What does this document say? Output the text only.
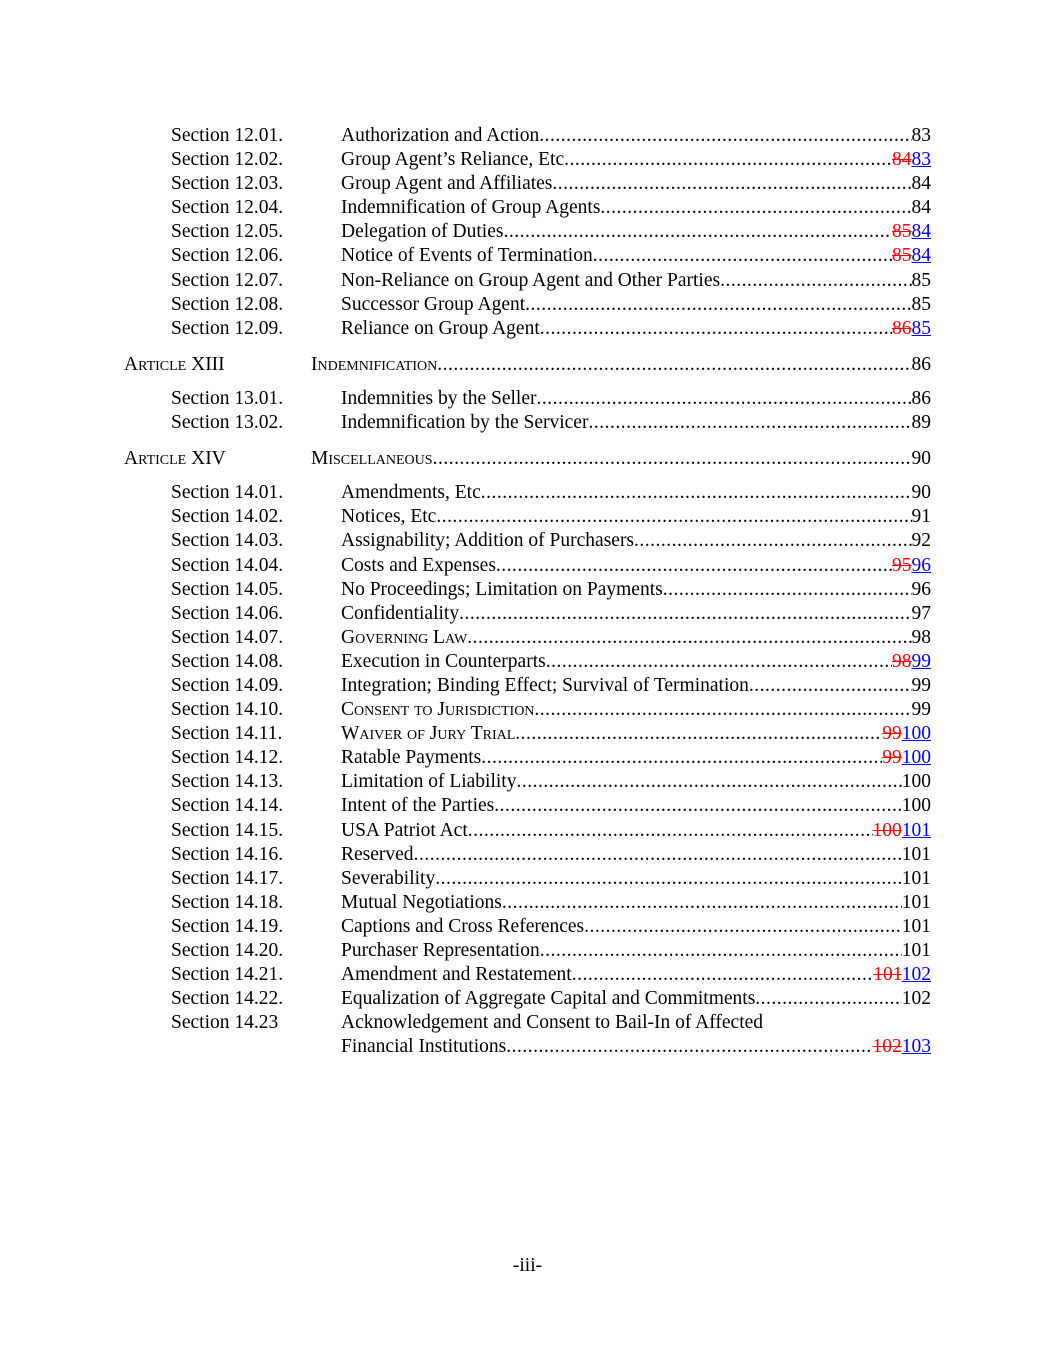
Section 12.01.	Authorization and Action .....	83
Section 12.02.	Group Agent’s Reliance, Etc .....	8483
Section 12.03.	Group Agent and Affiliates .....	84
Section 12.04.	Indemnification of Group Agents .....	84
Section 12.05.	Delegation of Duties .....	8584
Section 12.06.	Notice of Events of Termination .....	8584
Section 12.07.	Non-Reliance on Group Agent and Other Parties .....	85
Section 12.08.	Successor Group Agent .....	85
Section 12.09.	Reliance on Group Agent .....	8685
Article XIII	Indemnification .....	86
Section 13.01.	Indemnities by the Seller .....	86
Section 13.02.	Indemnification by the Servicer .....	89
Article XIV	Miscellaneous .....	90
Section 14.01.	Amendments, Etc .....	90
Section 14.02.	Notices, Etc .....	91
Section 14.03.	Assignability; Addition of Purchasers .....	92
Section 14.04.	Costs and Expenses .....	9596
Section 14.05.	No Proceedings; Limitation on Payments .....	96
Section 14.06.	Confidentiality .....	97
Section 14.07.	Governing Law .....	98
Section 14.08.	Execution in Counterparts .....	9899
Section 14.09.	Integration; Binding Effect; Survival of Termination .....	99
Section 14.10.	Consent to Jurisdiction .....	99
Section 14.11.	Waiver of Jury Trial .....	99100
Section 14.12.	Ratable Payments .....	99100
Section 14.13.	Limitation of Liability .....	100
Section 14.14.	Intent of the Parties .....	100
Section 14.15.	USA Patriot Act .....	100101
Section 14.16.	Reserved .....	101
Section 14.17.	Severability .....	101
Section 14.18.	Mutual Negotiations .....	101
Section 14.19.	Captions and Cross References .....	101
Section 14.20.	Purchaser Representation .....	101
Section 14.21.	Amendment and Restatement .....	101102
Section 14.22.	Equalization of Aggregate Capital and Commitments .....	102
Section 14.23	Acknowledgement and Consent to Bail-In of Affected
Financial Institutions .....	102103
-iii-
